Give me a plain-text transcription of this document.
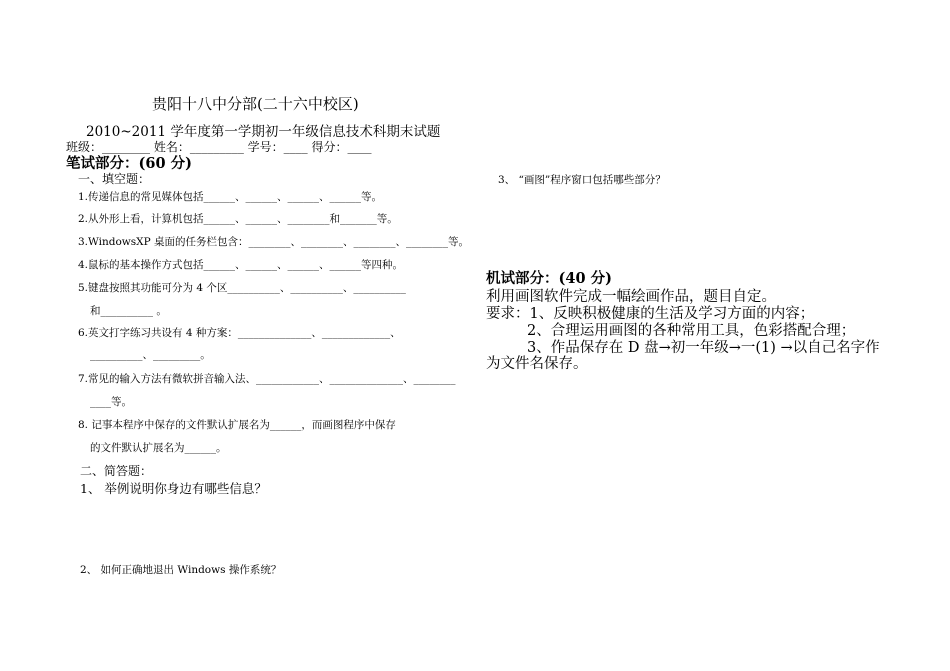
贵阳十八中分部(二十六中校区)
2010~2011 学年度第一学期初一年级信息技术科期末试题
班级：________ 姓名：_________ 学号：____ 得分：____
笔试部分：(60 分)
一、填空题：
1.传递信息的常见媒体包括______、______、______、______等。
2.从外形上看，计算机包括______、______、________和_______等。
3.WindowsXP 桌面的任务栏包含：________、________、________、________等。
4.鼠标的基本操作方式包括______、______、______、______等四种。
5.键盘按照其功能可分为 4 个区__________、__________、__________
和__________ 。
6.英文打字练习共设有 4 种方案：______________、_____________、
__________、_________。
7.常见的输入方法有微软拼音输入法、____________、______________、________
____等。
8. 记事本程序中保存的文件默认扩展名为______，而画图程序中保存
的文件默认扩展名为______。
二、简答题：
1、 举例说明你身边有哪些信息？
2、 如何正确地退出 Windows 操作系统？
3、 “画图”程序窗口包括哪些部分？
机试部分：(40 分)
利用画图软件完成一幅绘画作品，题目自定。
要求：1、反映积极健康的生活及学习方面的内容；
2、合理运用画图的各种常用工具，色彩搭配合理；
3、作品保存在 D 盘→初一年级→一(1) →以自己名字作
为文件名保存。
